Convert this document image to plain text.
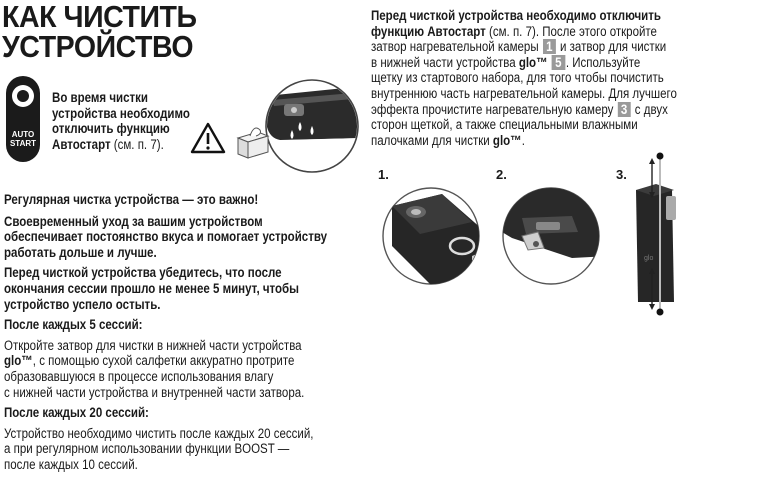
КАК ЧИСТИТЬ
УСТРОЙСТВО
AUTO
START
Во время чистки
устройства необходимо
отключить функцию
Автостарт (см. п. 7).
Регулярная чистка устройства — это важно!
Своевременный уход за вашим устройством
обеспечивает постоянство вкуса и помогает устройству
работать дольше и лучше.
Перед чисткой устройства убедитесь, что после
окончания сессии прошло не менее 5 минут, чтобы
устройство успело остыть.
После каждых 5 сессий:
Откройте затвор для чистки в нижней части устройства
glo™, с помощью сухой салфетки аккуратно протрите
образовавшуюся в процессе использования влагу
с нижней части устройства и внутренней части затвора.
После каждых 20 сессий:
Устройство необходимо чистить после каждых 20 сессий,
а при регулярном использовании функции BOOST —
после каждых 10 сессий.
Перед чисткой устройства необходимо отключить
функцию Автостарт (см. п. 7). После этого откройте
затвор нагревательной камеры 1 и затвор для чистки
в нижней части устройства glo™ 5 . Используйте
щетку из стартового набора, для того чтобы почистить
внутреннюю часть нагревательной камеры. Для лучшего
эффекта прочистите нагревательную камеру 3 с двух
сторон щеткой, а также специальными влажными
палочками для чистки glo™.
1.	2.	3.
glo
